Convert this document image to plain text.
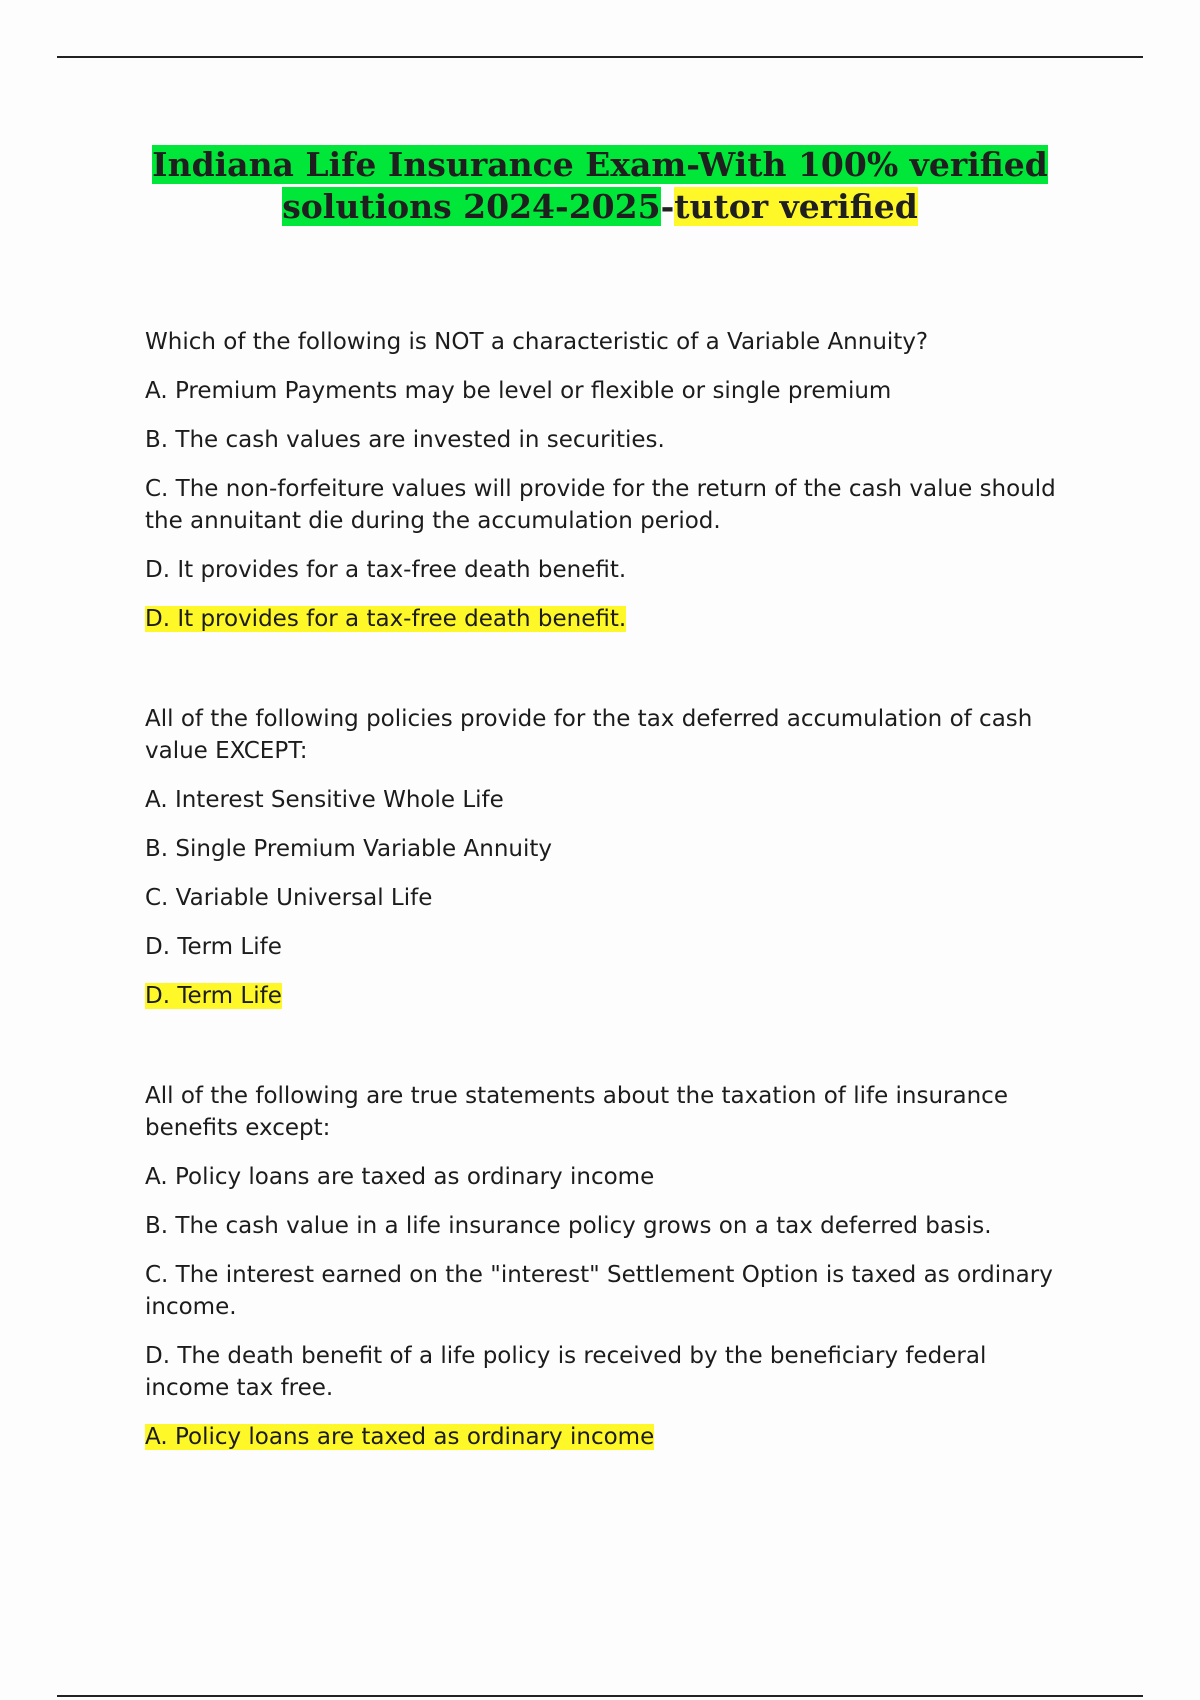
Indiana Life Insurance Exam-With 100% verified
solutions 2024-2025-tutor verified

Which of the following is NOT a characteristic of a Variable Annuity?

A. Premium Payments may be level or flexible or single premium

B. The cash values are invested in securities.

C. The non-forfeiture values will provide for the return of the cash value should the annuitant die during the accumulation period.

D. It provides for a tax-free death benefit.

D. It provides for a tax-free death benefit.

All of the following policies provide for the tax deferred accumulation of cash value EXCEPT:

A. Interest Sensitive Whole Life

B. Single Premium Variable Annuity

C. Variable Universal Life

D. Term Life

D. Term Life

All of the following are true statements about the taxation of life insurance benefits except:

A. Policy loans are taxed as ordinary income

B. The cash value in a life insurance policy grows on a tax deferred basis.

C. The interest earned on the "interest" Settlement Option is taxed as ordinary income.

D. The death benefit of a life policy is received by the beneficiary federal income tax free.

A. Policy loans are taxed as ordinary income
